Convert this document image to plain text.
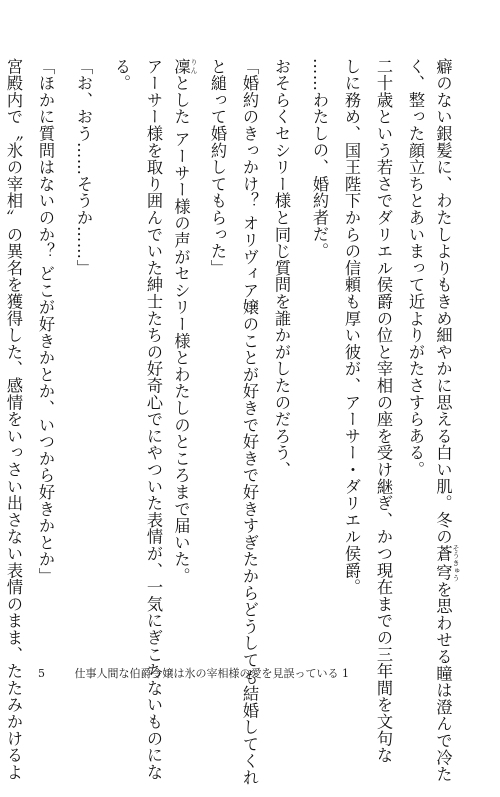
癖のない銀髪に、わたしよりもきめ細やかに思える白い肌。冬の蒼穹 そうきゅうを思わせる瞳は澄んで冷た
く、整った顔立ちとあいまって近よりがたさすらある。
二十歳という若さでダリエル侯爵の位と宰相の座を受け継ぎ、かつ現在までの三年間を文句な
しに務め、国王陛下からの信頼も厚い彼が、アーサー・ダリエル侯爵。
……わたしの、婚約者だ。
おそらくセシリー様と同じ質問を誰かがしたのだろう、
「婚約のきっかけ？ オリヴィア嬢のことが好きで好きで好きすぎたからどうしても結婚してくれ
と縋って婚約してもらった」
凜 りんとした アーサー様の声がセシリー様とわたしのところまで届いた。
アーサー様を取り囲んでいた紳士たちの好奇心でにやついた表情が、一気にぎこちないものにな
る。
「お、おう……そうか……」
「ほかに質問はないのか？ どこが好きかとか、いつから好きかとか」
宮殿内で〝氷の宰相〟の異名を獲得した、感情をいっさい出さない表情のまま、たたみかけるよ 5	仕事人間な伯爵令嬢は氷の宰相様の愛を見誤っている 1
